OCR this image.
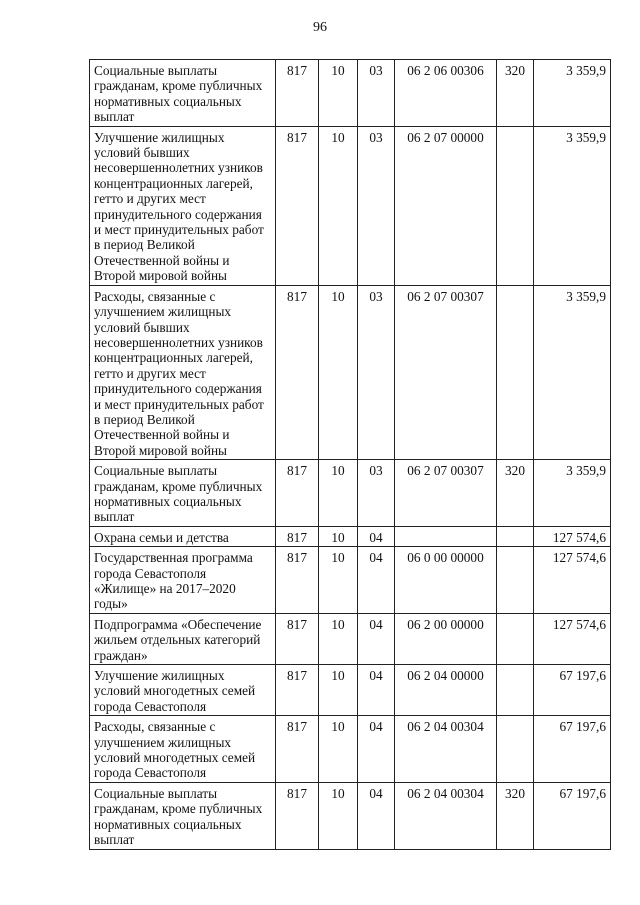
96
Социальные выплаты гражданам, кроме публичных нормативных социальных выплат	817	10	03	06 2 06 00306	320	3 359,9
Улучшение жилищных условий бывших несовершеннолетних узников концентрационных лагерей, гетто и других мест принудительного содержания и мест принудительных работ в период Великой Отечественной войны и Второй мировой войны	817	10	03	06 2 07 00000		3 359,9
Расходы, связанные с улучшением жилищных условий бывших несовершеннолетних узников концентрационных лагерей, гетто и других мест принудительного содержания и мест принудительных работ в период Великой Отечественной войны и Второй мировой войны	817	10	03	06 2 07 00307		3 359,9
Социальные выплаты гражданам, кроме публичных нормативных социальных выплат	817	10	03	06 2 07 00307	320	3 359,9
Охрана семьи и детства	817	10	04			127 574,6
Государственная программа города Севастополя «Жилище» на 2017–2020 годы»	817	10	04	06 0 00 00000		127 574,6
Подпрограмма «Обеспечение жильем отдельных категорий граждан»	817	10	04	06 2 00 00000		127 574,6
Улучшение жилищных условий многодетных семей города Севастополя	817	10	04	06 2 04 00000		67 197,6
Расходы, связанные с улучшением жилищных условий многодетных семей города Севастополя	817	10	04	06 2 04 00304		67 197,6
Социальные выплаты гражданам, кроме публичных нормативных социальных выплат	817	10	04	06 2 04 00304	320	67 197,6
